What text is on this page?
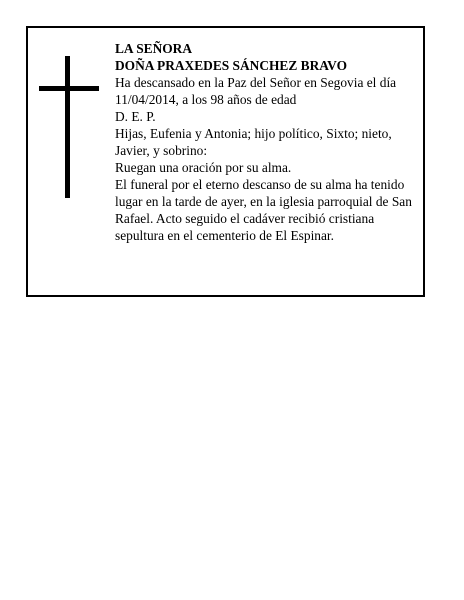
LA SEÑORA

DOÑA PRAXEDES SÁNCHEZ BRAVO

Ha descansado en la Paz del Señor en Segovia el día 11/04/2014, a los 98 años de edad

D. E. P.

Hijas, Eufenia y Antonia; hijo político, Sixto; nieto, Javier, y sobrino:

Ruegan una oración por su alma.

El funeral por el eterno descanso de su alma ha tenido lugar en la tarde de ayer, en la iglesia parroquial de San Rafael. Acto seguido el cadáver recibió cristiana sepultura en el cementerio de El Espinar.
